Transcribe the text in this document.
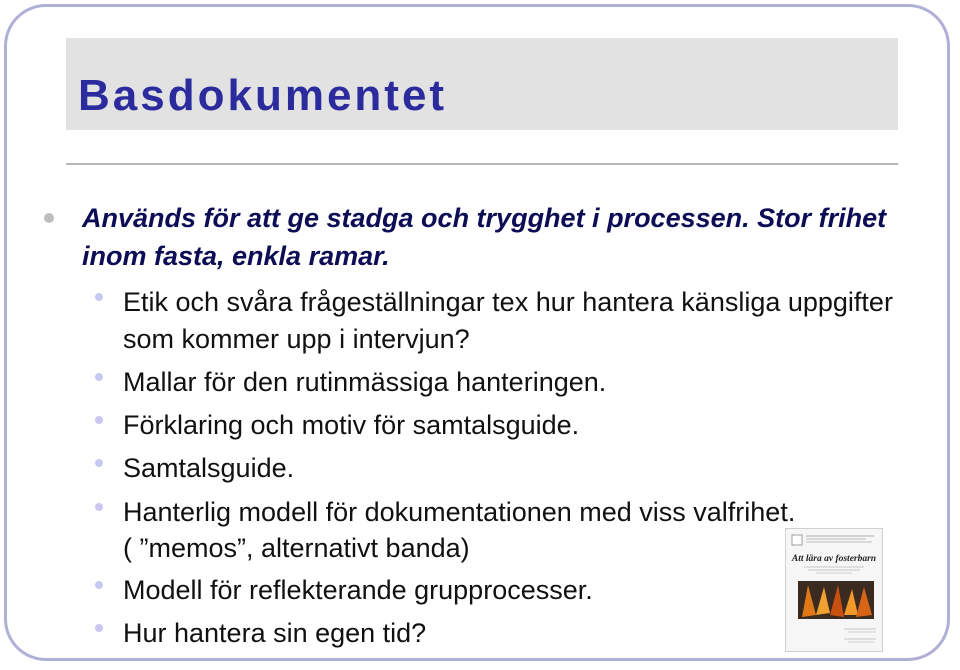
Basdokumentet
Används för att ge stadga och trygghet i processen. Stor frihet inom fasta, enkla ramar.
Etik och svåra frågeställningar tex hur hantera känsliga uppgifter som kommer upp i intervjun?
Mallar för den rutinmässiga hanteringen.
Förklaring och motiv för samtalsguide.
Samtalsguide.
Hanterlig modell för dokumentationen med viss valfrihet.
( ”memos”, alternativt banda)
Modell för reflekterande grupprocesser.
Hur hantera sin egen tid?
Att lära av fosterbarn
